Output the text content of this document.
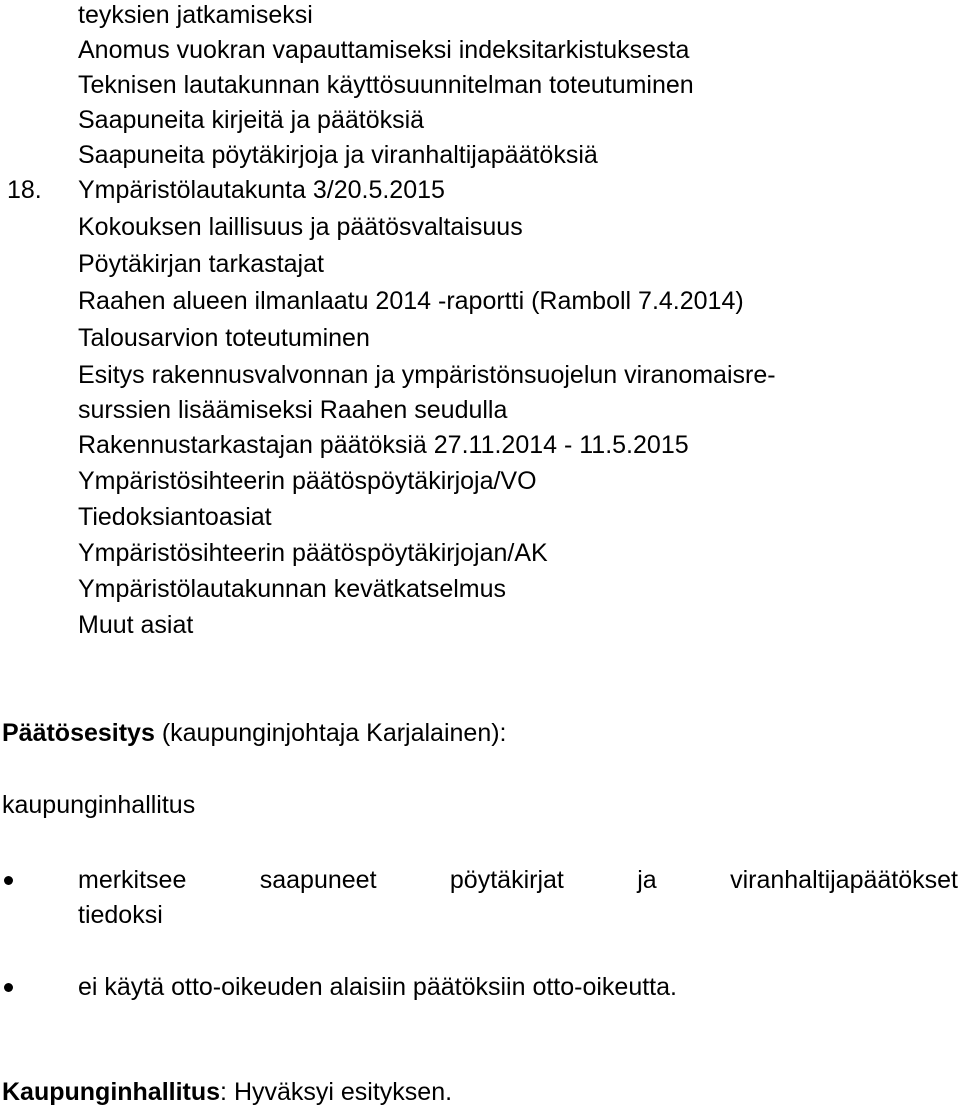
teyksien jatkamiseksi
Anomus vuokran vapauttamiseksi indeksitarkistuksesta
Teknisen lautakunnan käyttösuunnitelman toteutuminen
Saapuneita kirjeitä ja päätöksiä
Saapuneita pöytäkirjoja ja viranhaltijapäätöksiä
18. Ympäristölautakunta 3/20.5.2015
Kokouksen laillisuus ja päätösvaltaisuus
Pöytäkirjan tarkastajat
Raahen alueen ilmanlaatu 2014 -raportti (Ramboll 7.4.2014)
Talousarvion toteutuminen
Esitys rakennusvalvonnan ja ympäristönsuojelun viranomaisre-
surssien lisäämiseksi Raahen seudulla
Rakennustarkastajan päätöksiä 27.11.2014 - 11.5.2015
Ympäristösihteerin päätöspöytäkirjoja/VO
Tiedoksiantoasiat
Ympäristösihteerin päätöspöytäkirjojan/AK
Ympäristölautakunnan kevätkatselmus
Muut asiat
Päätösesitys (kaupunginjohtaja Karjalainen):
kaupunginhallitus
merkitsee	saapuneet	pöytäkirjat	ja	viranhaltijapäätökset
tiedoksi
ei käytä otto-oikeuden alaisiin päätöksiin otto-oikeutta.
Kaupunginhallitus: Hyväksyi esityksen.
